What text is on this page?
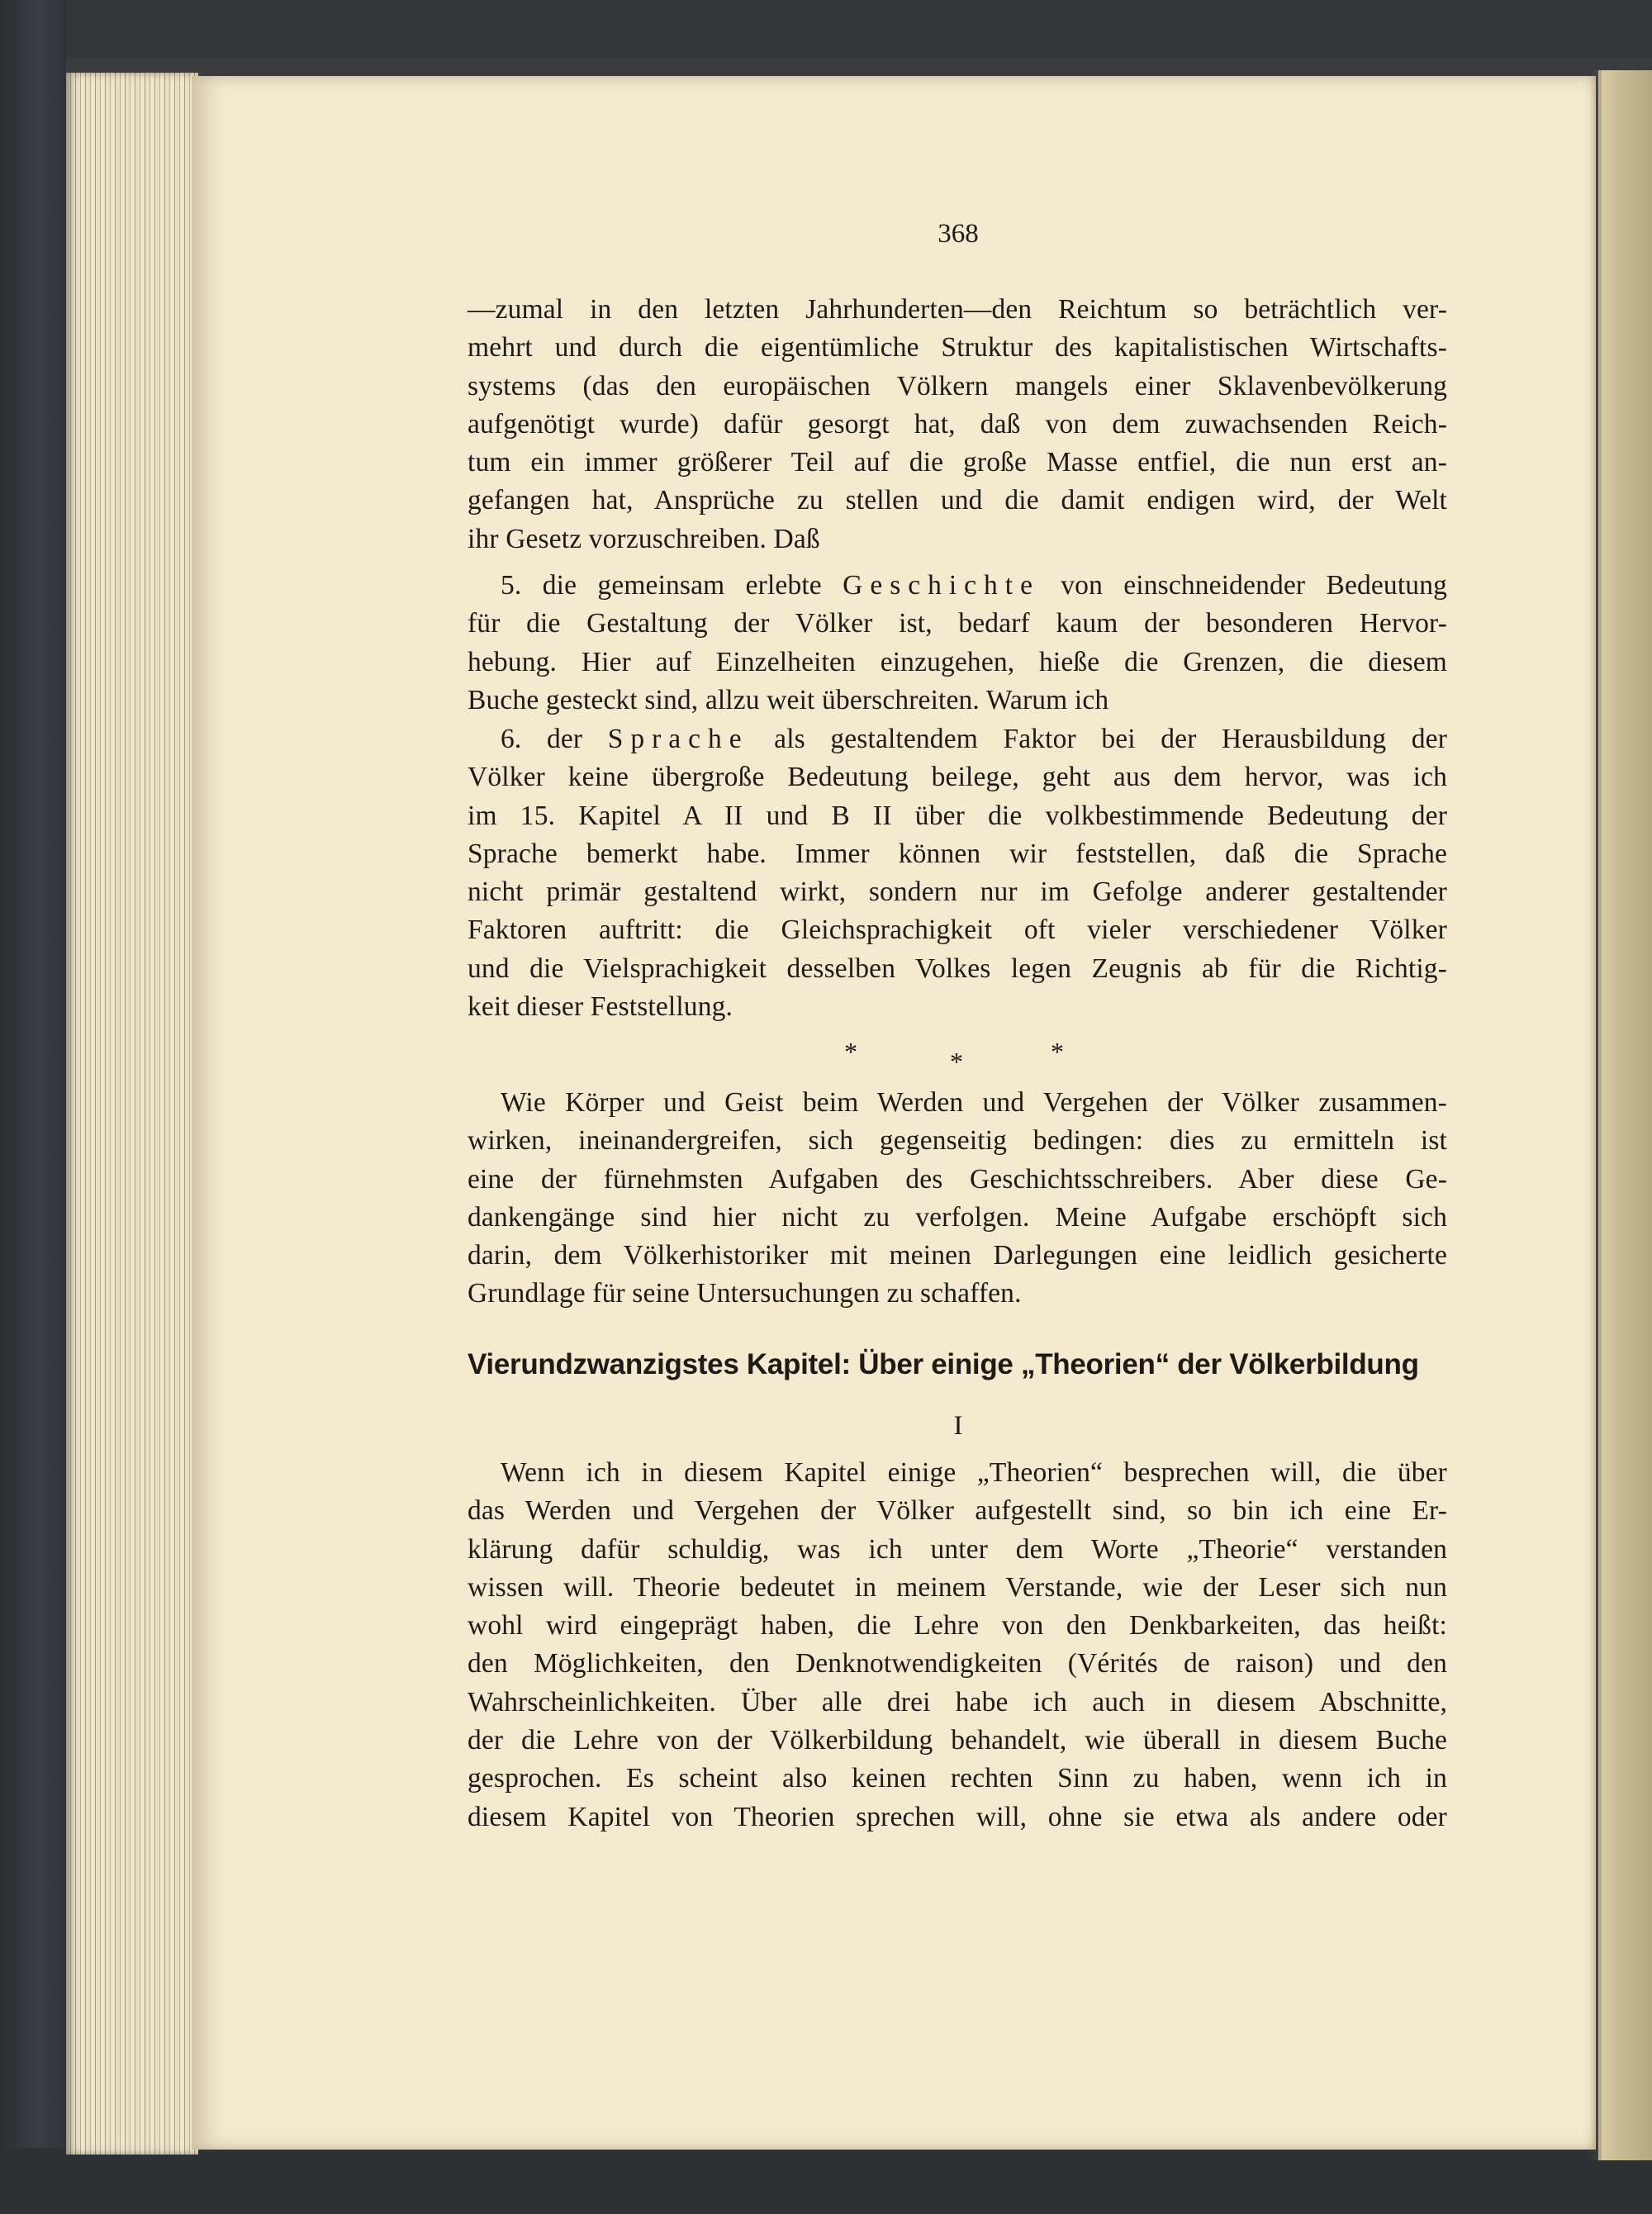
368
—zumal in den letzten Jahrhunderten—den Reichtum so beträchtlich ver-
mehrt und durch die eigentümliche Struktur des kapitalistischen Wirtschafts-
systems (das den europäischen Völkern mangels einer Sklavenbevölkerung
aufgenötigt wurde) dafür gesorgt hat, daß von dem zuwachsenden Reich-
tum ein immer größerer Teil auf die große Masse entfiel, die nun erst an-
gefangen hat, Ansprüche zu stellen und die damit endigen wird, der Welt
ihr Gesetz vorzuschreiben. Daß
5. die gemeinsam erlebte Geschichte von einschneidender Bedeutung
für die Gestaltung der Völker ist, bedarf kaum der besonderen Hervor-
hebung. Hier auf Einzelheiten einzugehen, hieße die Grenzen, die diesem
Buche gesteckt sind, allzu weit überschreiten. Warum ich
6. der Sprache als gestaltendem Faktor bei der Herausbildung der
Völker keine übergroße Bedeutung beilege, geht aus dem hervor, was ich
im 15. Kapitel A II und B II über die volkbestimmende Bedeutung der
Sprache bemerkt habe. Immer können wir feststellen, daß die Sprache
nicht primär gestaltend wirkt, sondern nur im Gefolge anderer gestaltender
Faktoren auftritt: die Gleichsprachigkeit oft vieler verschiedener Völker
und die Vielsprachigkeit desselben Volkes legen Zeugnis ab für die Richtig-
keit dieser Feststellung.
*	*	*
Wie Körper und Geist beim Werden und Vergehen der Völker zusammen-
wirken, ineinandergreifen, sich gegenseitig bedingen: dies zu ermitteln ist
eine der fürnehmsten Aufgaben des Geschichtsschreibers. Aber diese Ge-
dankengänge sind hier nicht zu verfolgen. Meine Aufgabe erschöpft sich
darin, dem Völkerhistoriker mit meinen Darlegungen eine leidlich gesicherte
Grundlage für seine Untersuchungen zu schaffen.
Vierundzwanzigstes Kapitel: Über einige „Theorien“ der Völkerbildung
I
Wenn ich in diesem Kapitel einige „Theorien“ besprechen will, die über
das Werden und Vergehen der Völker aufgestellt sind, so bin ich eine Er-
klärung dafür schuldig, was ich unter dem Worte „Theorie“ verstanden
wissen will. Theorie bedeutet in meinem Verstande, wie der Leser sich nun
wohl wird eingeprägt haben, die Lehre von den Denkbarkeiten, das heißt:
den Möglichkeiten, den Denknotwendigkeiten (Vérités de raison) und den
Wahrscheinlichkeiten. Über alle drei habe ich auch in diesem Abschnitte,
der die Lehre von der Völkerbildung behandelt, wie überall in diesem Buche
gesprochen. Es scheint also keinen rechten Sinn zu haben, wenn ich in
diesem Kapitel von Theorien sprechen will, ohne sie etwa als andere oder
